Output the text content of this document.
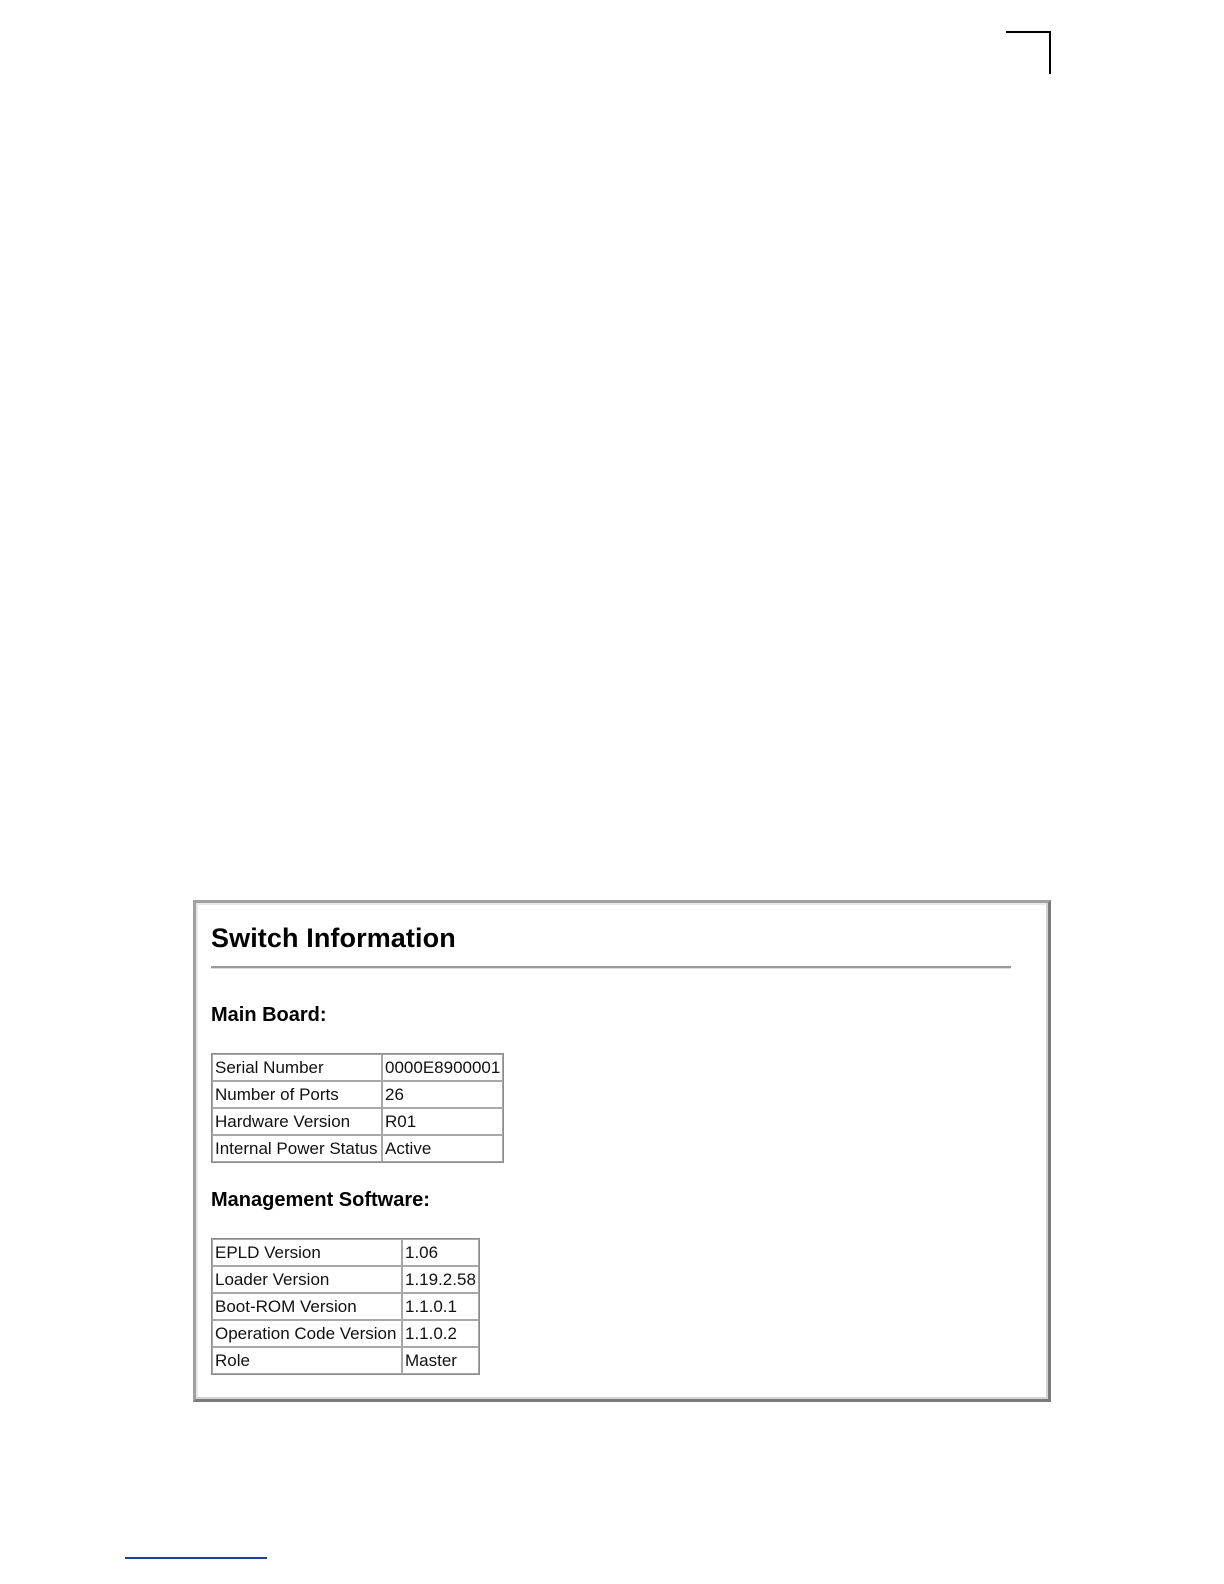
Switch Information
Main Board:
Serial Number	0000E8900001
Number of Ports	26
Hardware Version	R01
Internal Power Status	Active
Management Software:
EPLD Version	1.06
Loader Version	1.19.2.58
Boot-ROM Version	1.1.0.1
Operation Code Version	1.1.0.2
Role	Master
